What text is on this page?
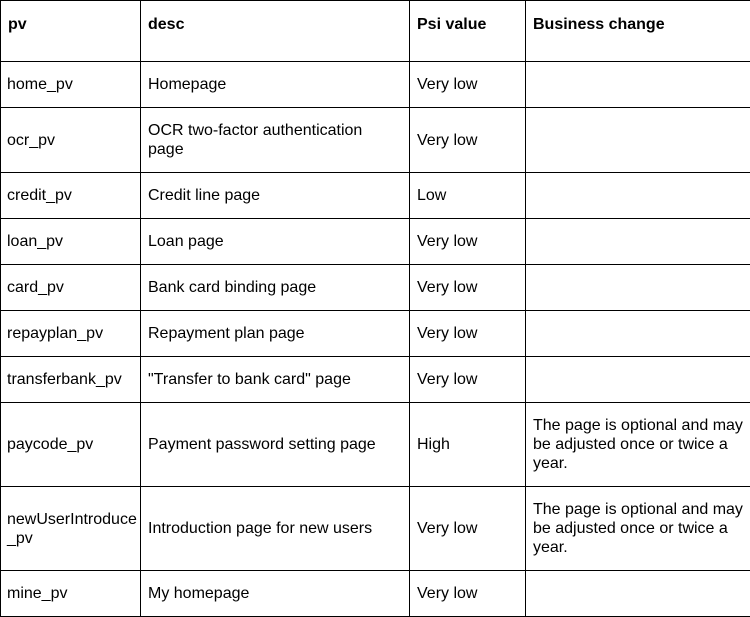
pv	desc	Psi value	Business change
home_pv	Homepage	Very low	
ocr_pv	OCR two-factor authentication page	Very low	
credit_pv	Credit line page	Low	
loan_pv	Loan page	Very low	
card_pv	Bank card binding page	Very low	
repayplan_pv	Repayment plan page	Very low	
transferbank_pv	"Transfer to bank card" page	Very low	
paycode_pv	Payment password setting page	High	The page is optional and may be adjusted once or twice a year.
newUserIntroduce_pv	Introduction page for new users	Very low	The page is optional and may be adjusted once or twice a year.
mine_pv	My homepage	Very low	
